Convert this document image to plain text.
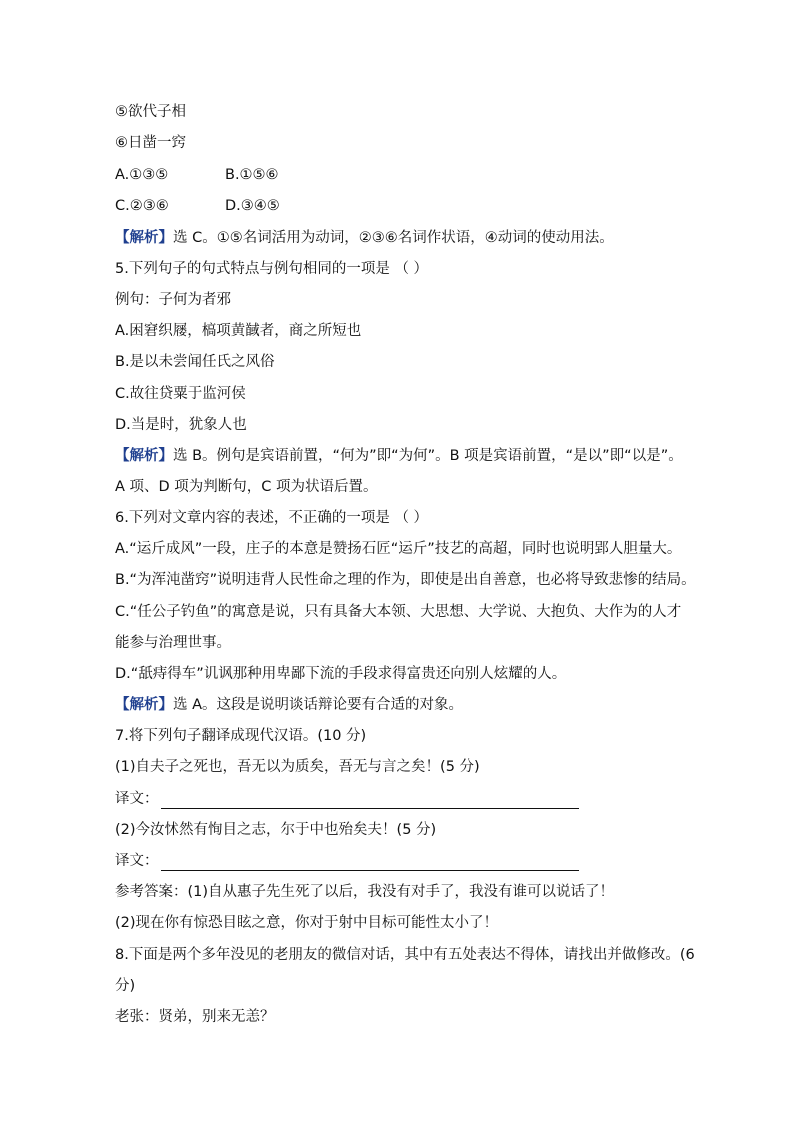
⑤欲代子相
⑥日凿一窍
A.①③⑤	B.①⑤⑥
C.②③⑥	D.③④⑤
【解析】选 C。①⑤名词活用为动词，②③⑥名词作状语，④动词的使动用法。
5.下列句子的句式特点与例句相同的一项是 （ ）
例句：子何为者邪
A.困窘织屦，槁项黄馘者，商之所短也
B.是以未尝闻任氏之风俗
C.故往贷粟于监河侯
D.当是时，犹象人也
【解析】选 B。例句是宾语前置，“何为”即“为何”。B 项是宾语前置，“是以”即“以是”。
A 项、D 项为判断句，C 项为状语后置。
6.下列对文章内容的表述，不正确的一项是 （ ）
A.“运斤成风”一段，庄子的本意是赞扬石匠“运斤”技艺的高超，同时也说明郢人胆量大。
B.“为浑沌凿窍”说明违背人民性命之理的作为，即使是出自善意，也必将导致悲惨的结局。
C.“任公子钓鱼”的寓意是说，只有具备大本领、大思想、大学说、大抱负、大作为的人才
能参与治理世事。
D.“舐痔得车”讥讽那种用卑鄙下流的手段求得富贵还向别人炫耀的人。
【解析】选 A。这段是说明谈话辩论要有合适的对象。
7.将下列句子翻译成现代汉语。(10 分)
(1)自夫子之死也，吾无以为质矣，吾无与言之矣！(5 分)
译文：
(2)今汝怵然有恂目之志，尔于中也殆矣夫！(5 分)
译文：
参考答案：(1)自从惠子先生死了以后，我没有对手了，我没有谁可以说话了！
(2)现在你有惊恐目眩之意，你对于射中目标可能性太小了！
8.下面是两个多年没见的老朋友的微信对话，其中有五处表达不得体，请找出并做修改。(6
分)
老张：贤弟，别来无恙？
